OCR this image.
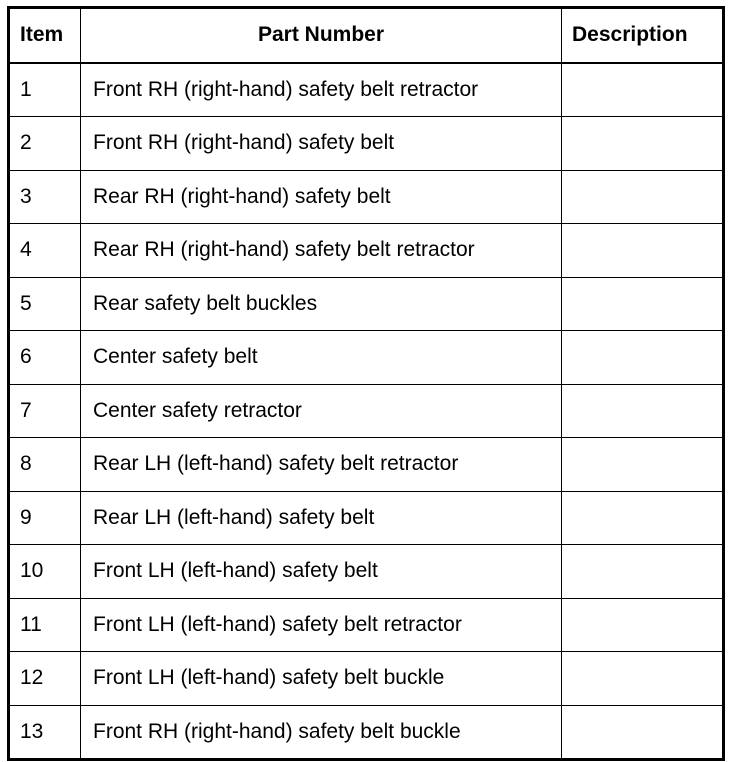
Item	Part Number	Description
1	Front RH (right-hand) safety belt retractor	
2	Front RH (right-hand) safety belt	
3	Rear RH (right-hand) safety belt	
4	Rear RH (right-hand) safety belt retractor	
5	Rear safety belt buckles	
6	Center safety belt	
7	Center safety retractor	
8	Rear LH (left-hand) safety belt retractor	
9	Rear LH (left-hand) safety belt	
10	Front LH (left-hand) safety belt	
11	Front LH (left-hand) safety belt retractor	
12	Front LH (left-hand) safety belt buckle	
13	Front RH (right-hand) safety belt buckle	
